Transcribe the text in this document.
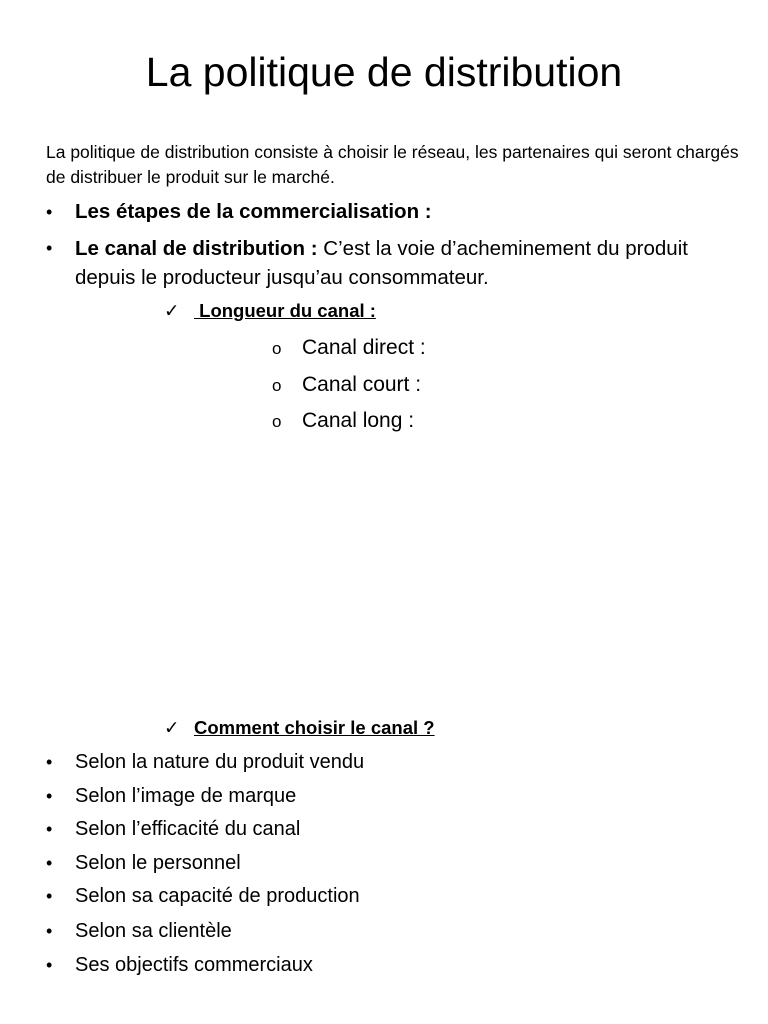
La politique de distribution
La politique de distribution consiste à choisir le réseau, les partenaires qui seront chargés de distribuer le produit sur le marché.
• Les étapes de la commercialisation :
• Le canal de distribution : C’est la voie d’acheminement du produit depuis le producteur jusqu’au consommateur.
✓ Longueur du canal :
o Canal direct :
o Canal court :
o Canal long :
✓ Comment choisir le canal ?
• Selon la nature du produit vendu
• Selon l’image de marque
• Selon l’efficacité du canal
• Selon le personnel
• Selon sa capacité de production
• Selon sa clientèle
• Ses objectifs commerciaux
